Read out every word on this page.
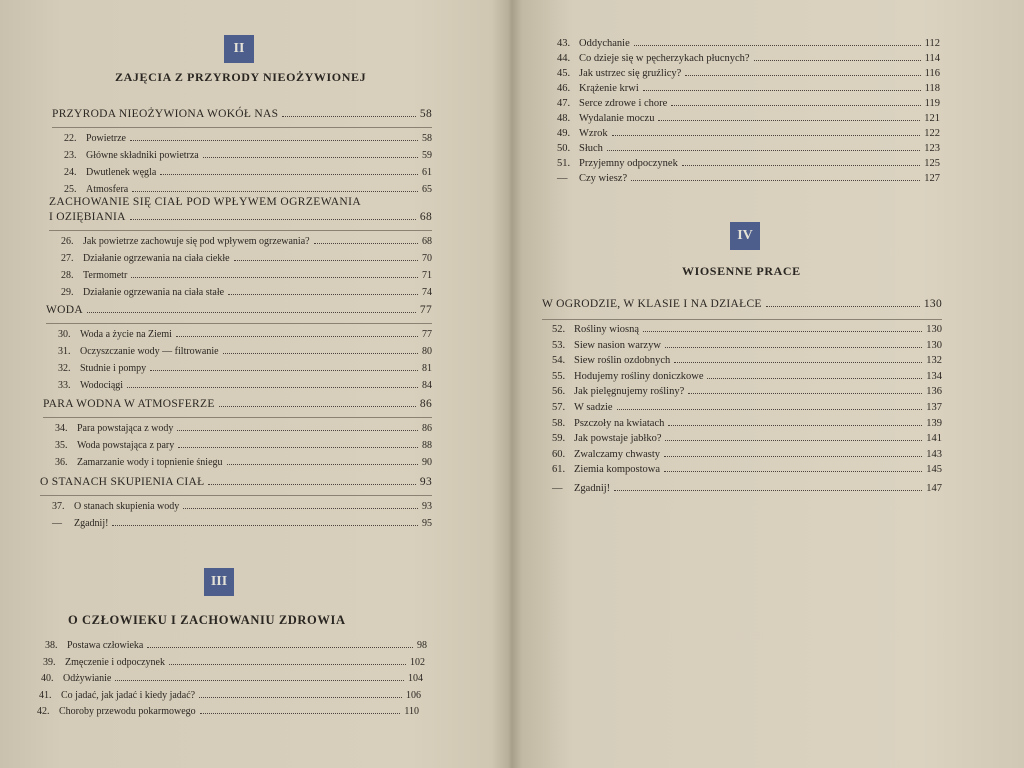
II
ZAJĘCIA Z PRZYRODY NIEOŻYWIONEJ
PRZYRODA NIEOŻYWIONA WOKÓŁ NAS	58
22. Powietrze	58
23. Główne składniki powietrza	59
24. Dwutlenek węgla	61
25. Atmosfera	65
ZACHOWANIE SIĘ CIAŁ POD WPŁYWEM OGRZEWANIA
I OZIĘBIANIA	68
26. Jak powietrze zachowuje się pod wpływem ogrzewania?	68
27. Działanie ogrzewania na ciała ciekłe	70
28. Termometr	71
29. Działanie ogrzewania na ciała stałe	74
WODA	77
30. Woda a życie na Ziemi	77
31. Oczyszczanie wody — filtrowanie	80
32. Studnie i pompy	81
33. Wodociągi	84
PARA WODNA W ATMOSFERZE	86
34. Para powstająca z wody	86
35. Woda powstająca z pary	88
36. Zamarzanie wody i topnienie śniegu	90
O STANACH SKUPIENIA CIAŁ	93
37. O stanach skupienia wody	93
—	Zgadnij!	95
III
O CZŁOWIEKU I ZACHOWANIU ZDROWIA
38. Postawa człowieka	98
39. Zmęczenie i odpoczynek	102
40. Odżywianie	104
41. Co jadać, jak jadać i kiedy jadać?	106
42. Choroby przewodu pokarmowego	110
43. Oddychanie	112
44. Co dzieje się w pęcherzykach płucnych?	114
45. Jak ustrzec się gruźlicy?	116
46. Krążenie krwi	118
47. Serce zdrowe i chore	119
48. Wydalanie moczu	121
49. Wzrok	122
50. Słuch	123
51. Przyjemny odpoczynek	125
—	Czy wiesz?	127
IV
WIOSENNE PRACE
W OGRODZIE, W KLASIE I NA DZIAŁCE	130
52. Rośliny wiosną	130
53. Siew nasion warzyw	130
54. Siew roślin ozdobnych	132
55. Hodujemy rośliny doniczkowe	134
56. Jak pielęgnujemy rośliny?	136
57. W sadzie	137
58. Pszczoły na kwiatach	139
59. Jak powstaje jabłko?	141
60. Zwalczamy chwasty	143
61. Ziemia kompostowa	145
—	Zgadnij!	147
